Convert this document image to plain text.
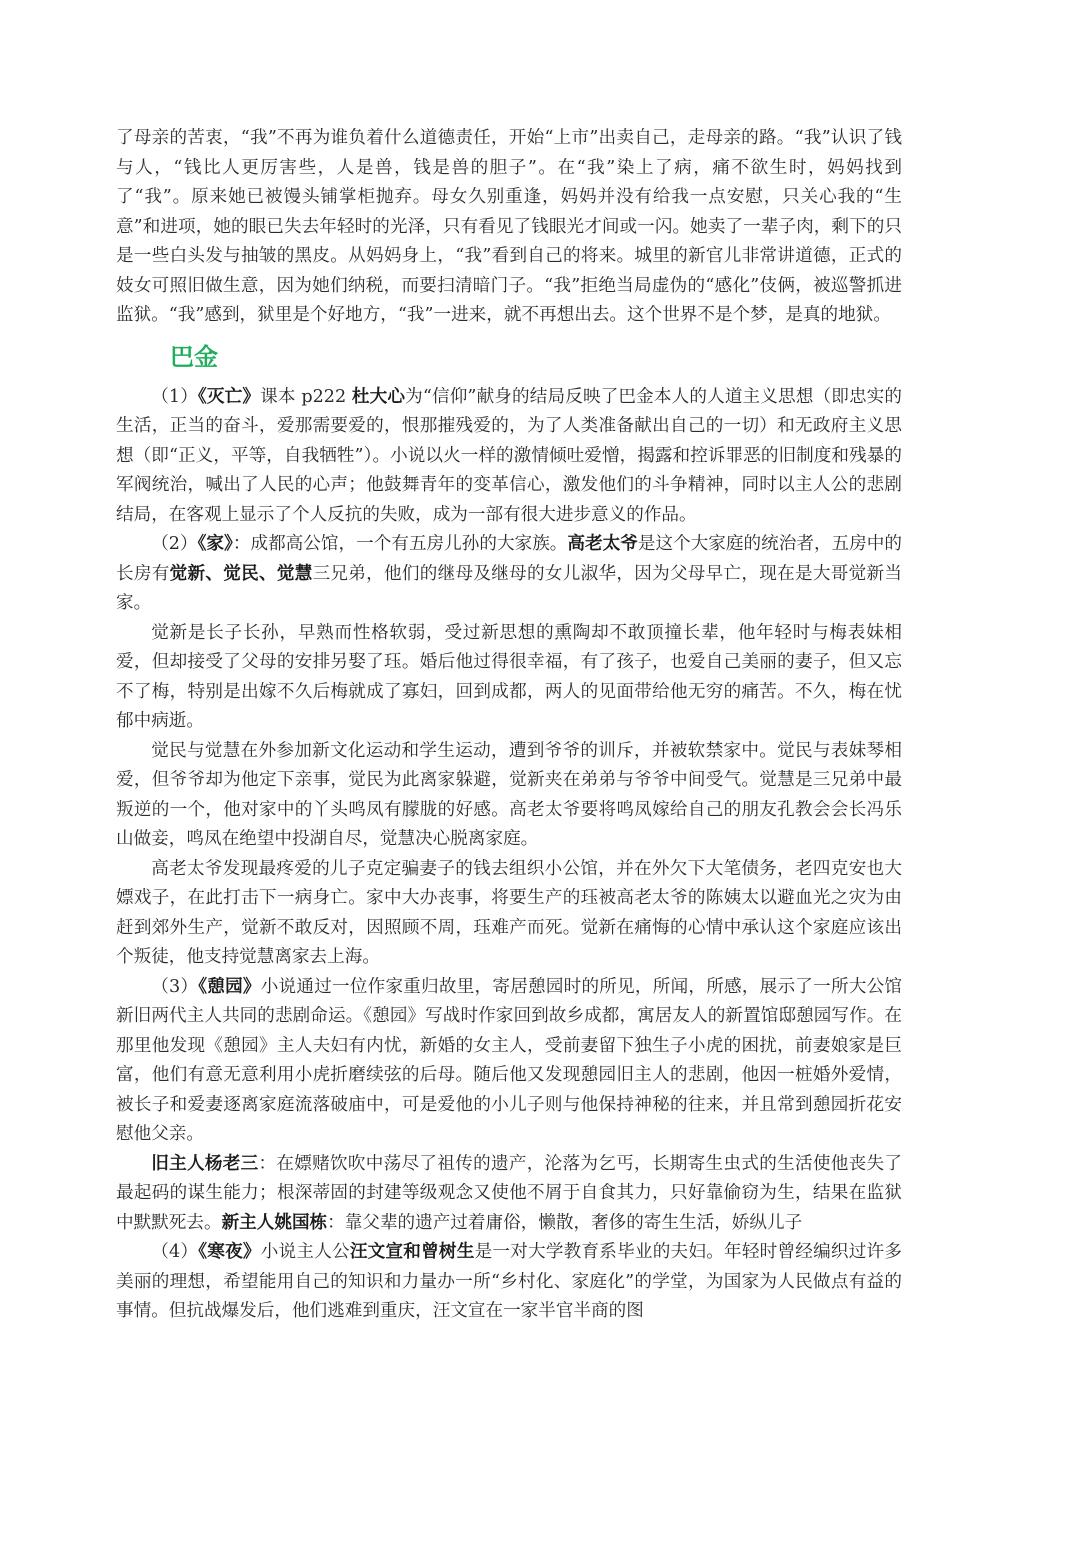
了母亲的苦衷，“我”不再为谁负着什么道德责任，开始“上市”出卖自己，走母亲的路。“我”认识了钱与人，“钱比人更厉害些，人是兽，钱是兽的胆子”。在“我”染上了病，痛不欲生时，妈妈找到了“我”。原来她已被馒头铺掌柜抛弃。母女久别重逢，妈妈并没有给我一点安慰，只关心我的“生意”和进项，她的眼已失去年轻时的光泽，只有看见了钱眼光才间或一闪。她卖了一辈子肉，剩下的只是一些白头发与抽皱的黑皮。从妈妈身上，“我”看到自己的将来。城里的新官儿非常讲道德，正式的妓女可照旧做生意，因为她们纳税，而要扫清暗门子。“我”拒绝当局虚伪的“感化”伎俩，被巡警抓进监狱。“我”感到，狱里是个好地方，“我”一进来，就不再想出去。这个世界不是个梦，是真的地狱。

巴金

（1）《灭亡》课本 p222 杜大心为“信仰”献身的结局反映了巴金本人的人道主义思想（即忠实的生活，正当的奋斗，爱那需要爱的，恨那摧残爱的，为了人类准备献出自己的一切）和无政府主义思想（即“正义，平等，自我牺牲”）。小说以火一样的激情倾吐爱憎，揭露和控诉罪恶的旧制度和残暴的军阀统治，喊出了人民的心声；他鼓舞青年的变革信心，激发他们的斗争精神，同时以主人公的悲剧结局，在客观上显示了个人反抗的失败，成为一部有很大进步意义的作品。

（2）《家》：成都高公馆，一个有五房儿孙的大家族。高老太爷是这个大家庭的统治者，五房中的长房有觉新、觉民、觉慧三兄弟，他们的继母及继母的女儿淑华，因为父母早亡，现在是大哥觉新当家。

觉新是长子长孙，早熟而性格软弱，受过新思想的熏陶却不敢顶撞长辈，他年轻时与梅表妹相爱，但却接受了父母的安排另娶了珏。婚后他过得很幸福，有了孩子，也爱自己美丽的妻子，但又忘不了梅，特别是出嫁不久后梅就成了寡妇，回到成都，两人的见面带给他无穷的痛苦。不久，梅在忧郁中病逝。

觉民与觉慧在外参加新文化运动和学生运动，遭到爷爷的训斥，并被软禁家中。觉民与表妹琴相爱，但爷爷却为他定下亲事，觉民为此离家躲避，觉新夹在弟弟与爷爷中间受气。觉慧是三兄弟中最叛逆的一个，他对家中的丫头鸣凤有朦胧的好感。高老太爷要将鸣凤嫁给自己的朋友孔教会会长冯乐山做妾，鸣凤在绝望中投湖自尽，觉慧决心脱离家庭。

高老太爷发现最疼爱的儿子克定骗妻子的钱去组织小公馆，并在外欠下大笔债务，老四克安也大嫖戏子，在此打击下一病身亡。家中大办丧事，将要生产的珏被高老太爷的陈姨太以避血光之灾为由赶到郊外生产，觉新不敢反对，因照顾不周，珏难产而死。觉新在痛悔的心情中承认这个家庭应该出个叛徒，他支持觉慧离家去上海。

（3）《憩园》小说通过一位作家重归故里，寄居憩园时的所见，所闻，所感，展示了一所大公馆新旧两代主人共同的悲剧命运。《憩园》写战时作家回到故乡成都，寓居友人的新置馆邸憩园写作。在那里他发现《憩园》主人夫妇有内忧，新婚的女主人，受前妻留下独生子小虎的困扰，前妻娘家是巨富，他们有意无意利用小虎折磨续弦的后母。随后他又发现憩园旧主人的悲剧，他因一桩婚外爱情，被长子和爱妻逐离家庭流落破庙中，可是爱他的小儿子则与他保持神秘的往来，并且常到憩园折花安慰他父亲。

旧主人杨老三：在嫖赌饮吹中荡尽了祖传的遗产，沦落为乞丐，长期寄生虫式的生活使他丧失了最起码的谋生能力；根深蒂固的封建等级观念又使他不屑于自食其力，只好靠偷窃为生，结果在监狱中默默死去。新主人姚国栋：靠父辈的遗产过着庸俗，懒散，奢侈的寄生生活，娇纵儿子

（4）《寒夜》小说主人公汪文宣和曾树生是一对大学教育系毕业的夫妇。年轻时曾经编织过许多美丽的理想，希望能用自己的知识和力量办一所“乡村化、家庭化”的学堂，为国家为人民做点有益的事情。但抗战爆发后，他们逃难到重庆，汪文宣在一家半官半商的图
